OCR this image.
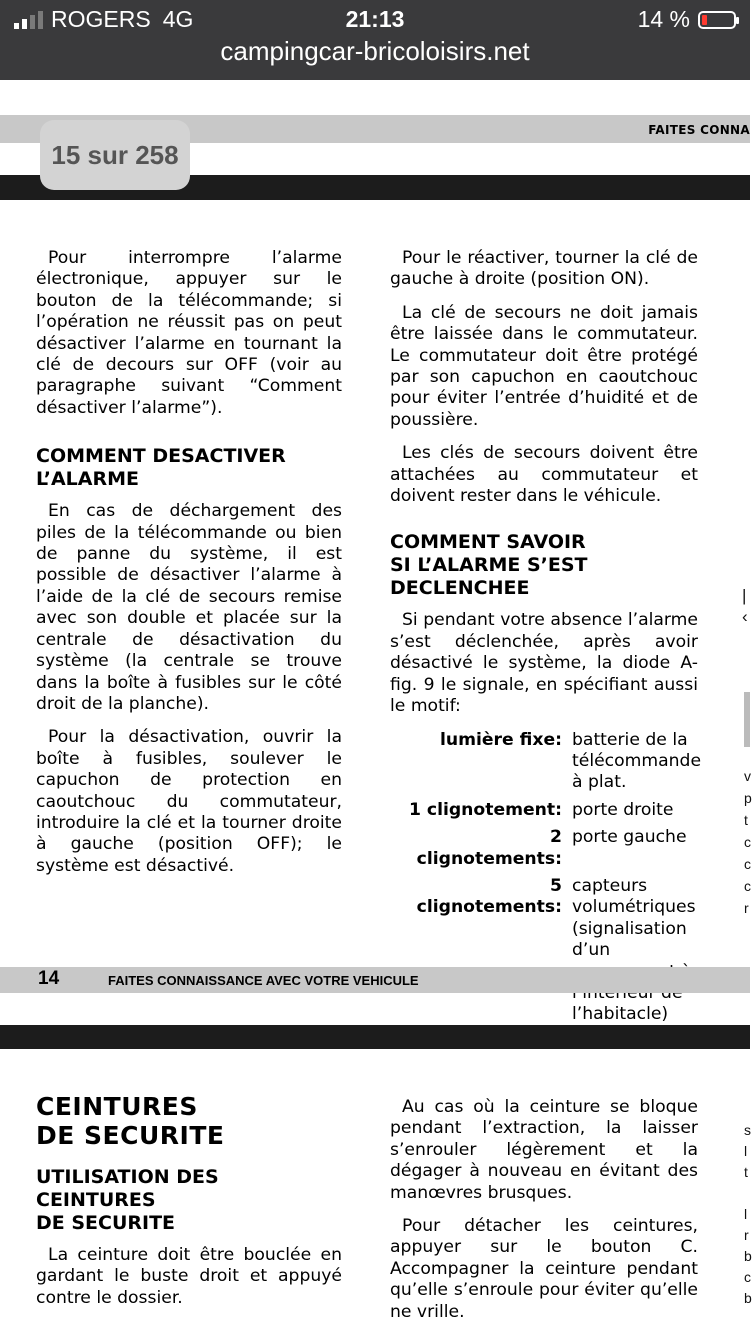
ROGERS 4G	21:13	14 %
campingcar-bricoloisirs.net
FAITES CONNA
15 sur 258

Pour interrompre l’alarme électronique, appuyer sur le bouton de la télécommande; si l’opération ne réussit pas on peut désactiver l’alarme en tournant la clé de decours sur OFF (voir au paragraphe suivant “Comment désactiver l’alarme”).

COMMENT DESACTIVER
L’ALARME

En cas de déchargement des piles de la télécommande ou bien de panne du système, il est possible de désactiver l’alarme à l’aide de la clé de secours remise avec son double et placée sur la centrale de désactivation du système (la centrale se trouve dans la boîte à fusibles sur le côté droit de la planche).

Pour la désactivation, ouvrir la boîte à fusibles, soulever le capuchon de protection en caoutchouc du commutateur, introduire la clé et la tourner droite à gauche (position OFF); le système est désactivé.

Pour le réactiver, tourner la clé de gauche à droite (position ON).

La clé de secours ne doit jamais être laissée dans le commutateur. Le commutateur doit être protégé par son capuchon en caoutchouc pour éviter l’entrée d’huidité et de poussière.

Les clés de secours doivent être attachées au commutateur et doivent rester dans le véhicule.

COMMENT SAVOIR
SI L’ALARME S’EST
DECLENCHEE

Si pendant votre absence l’alarme s’est déclenchée, après avoir désactivé le système, la diode A-fig. 9 le signale, en spécifiant aussi le motif:

lumière fixe: batterie de la télécommande à plat.
1 clignotement: porte droite
2 clignotements:
porte gauche
5 clignotements:
capteurs volumétriques (signalisation d’un l’habitacle)
|
‹
v
p
t
c
c
c
r
14	FAITES CONNAISSANCE AVEC VOTRE VEHICULE
CEINTURES
DE SECURITE
UTILISATION DES
CEINTURES
DE SECURITE

La ceinture doit être bouclée en gardant le buste droit et appuyé contre le dossier.

Au cas où la ceinture se bloque pendant l’extraction, la laisser s’enrouler légèrement et la dégager à nouveau en évitant des manœvres brusques.

Pour détacher les ceintures, appuyer sur le bouton C. Accompagner la ceinture pendant qu’elle s’enroule pour éviter qu’elle ne vrille.

s
l
t

l
r
b
c
b
